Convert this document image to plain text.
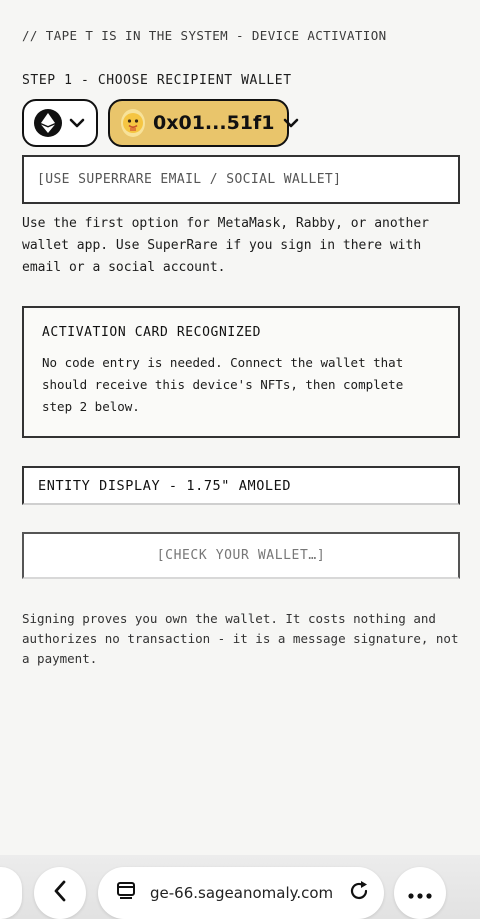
// TAPE T IS IN THE SYSTEM - DEVICE ACTIVATION
STEP 1 - CHOOSE RECIPIENT WALLET
0x01...51f1
[USE SUPERRARE EMAIL / SOCIAL WALLET]

Use the first option for MetaMask, Rabby, or another wallet app. Use SuperRare if you sign in there with email or a social account.

ACTIVATION CARD RECOGNIZED
No code entry is needed. Connect the wallet that should receive this device's NFTs, then complete step 2 below.
ENTITY DISPLAY - 1.75" AMOLED
[CHECK YOUR WALLET…]

Signing proves you own the wallet. It costs nothing and authorizes no transaction - it is a message signature, not a payment.

ge-66.sageanomaly.com
